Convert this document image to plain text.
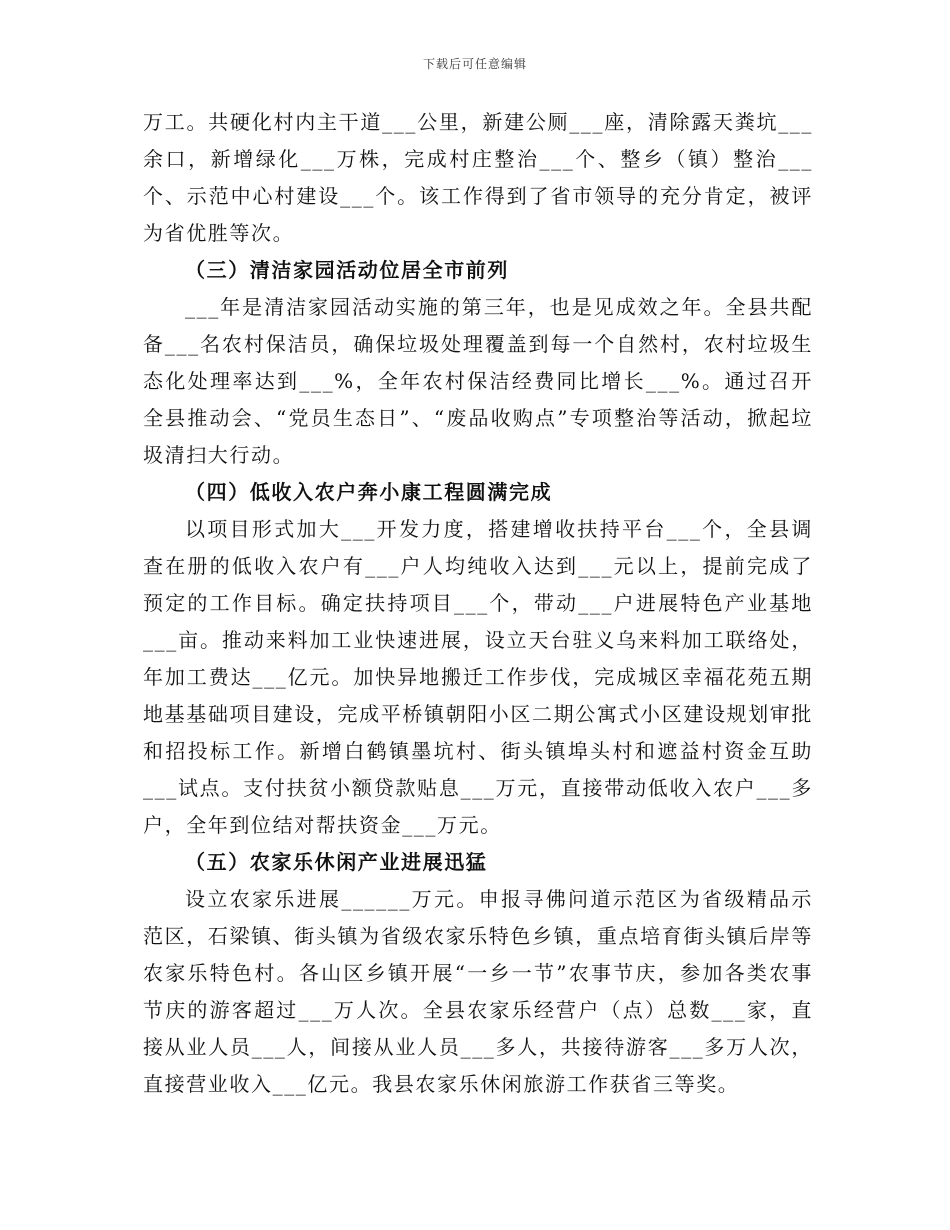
下载后可任意编辑

万工。共硬化村内主干道___公里，新建公厕___座，清除露天粪坑___余口，新增绿化___万株，完成村庄整治___个、整乡（镇）整治___个、示范中心村建设___个。该工作得到了省市领导的充分肯定，被评为省优胜等次。

（三）清洁家园活动位居全市前列

___年是清洁家园活动实施的第三年，也是见成效之年。全县共配备___名农村保洁员，确保垃圾处理覆盖到每一个自然村，农村垃圾生态化处理率达到___%，全年农村保洁经费同比增长___%。通过召开全县推动会、“党员生态日”、“废品收购点”专项整治等活动，掀起垃圾清扫大行动。

（四）低收入农户奔小康工程圆满完成

以项目形式加大___开发力度，搭建增收扶持平台___个，全县调查在册的低收入农户有___户人均纯收入达到___元以上，提前完成了预定的工作目标。确定扶持项目___个，带动___户进展特色产业基地___亩。推动来料加工业快速进展，设立天台驻义乌来料加工联络处，年加工费达___亿元。加快异地搬迁工作步伐，完成城区幸福花苑五期地基基础项目建设，完成平桥镇朝阳小区二期公寓式小区建设规划审批和招投标工作。新增白鹤镇墨坑村、街头镇埠头村和遮益村资金互助___试点。支付扶贫小额贷款贴息___万元，直接带动低收入农户___多户，全年到位结对帮扶资金___万元。

（五）农家乐休闲产业进展迅猛

设立农家乐进展______万元。申报寻佛问道示范区为省级精品示范区，石梁镇、街头镇为省级农家乐特色乡镇，重点培育街头镇后岸等农家乐特色村。各山区乡镇开展“一乡一节”农事节庆，参加各类农事节庆的游客超过___万人次。全县农家乐经营户（点）总数___家，直接从业人员___人，间接从业人员___多人，共接待游客___多万人次，直接营业收入___亿元。我县农家乐休闲旅游工作获省三等奖。
